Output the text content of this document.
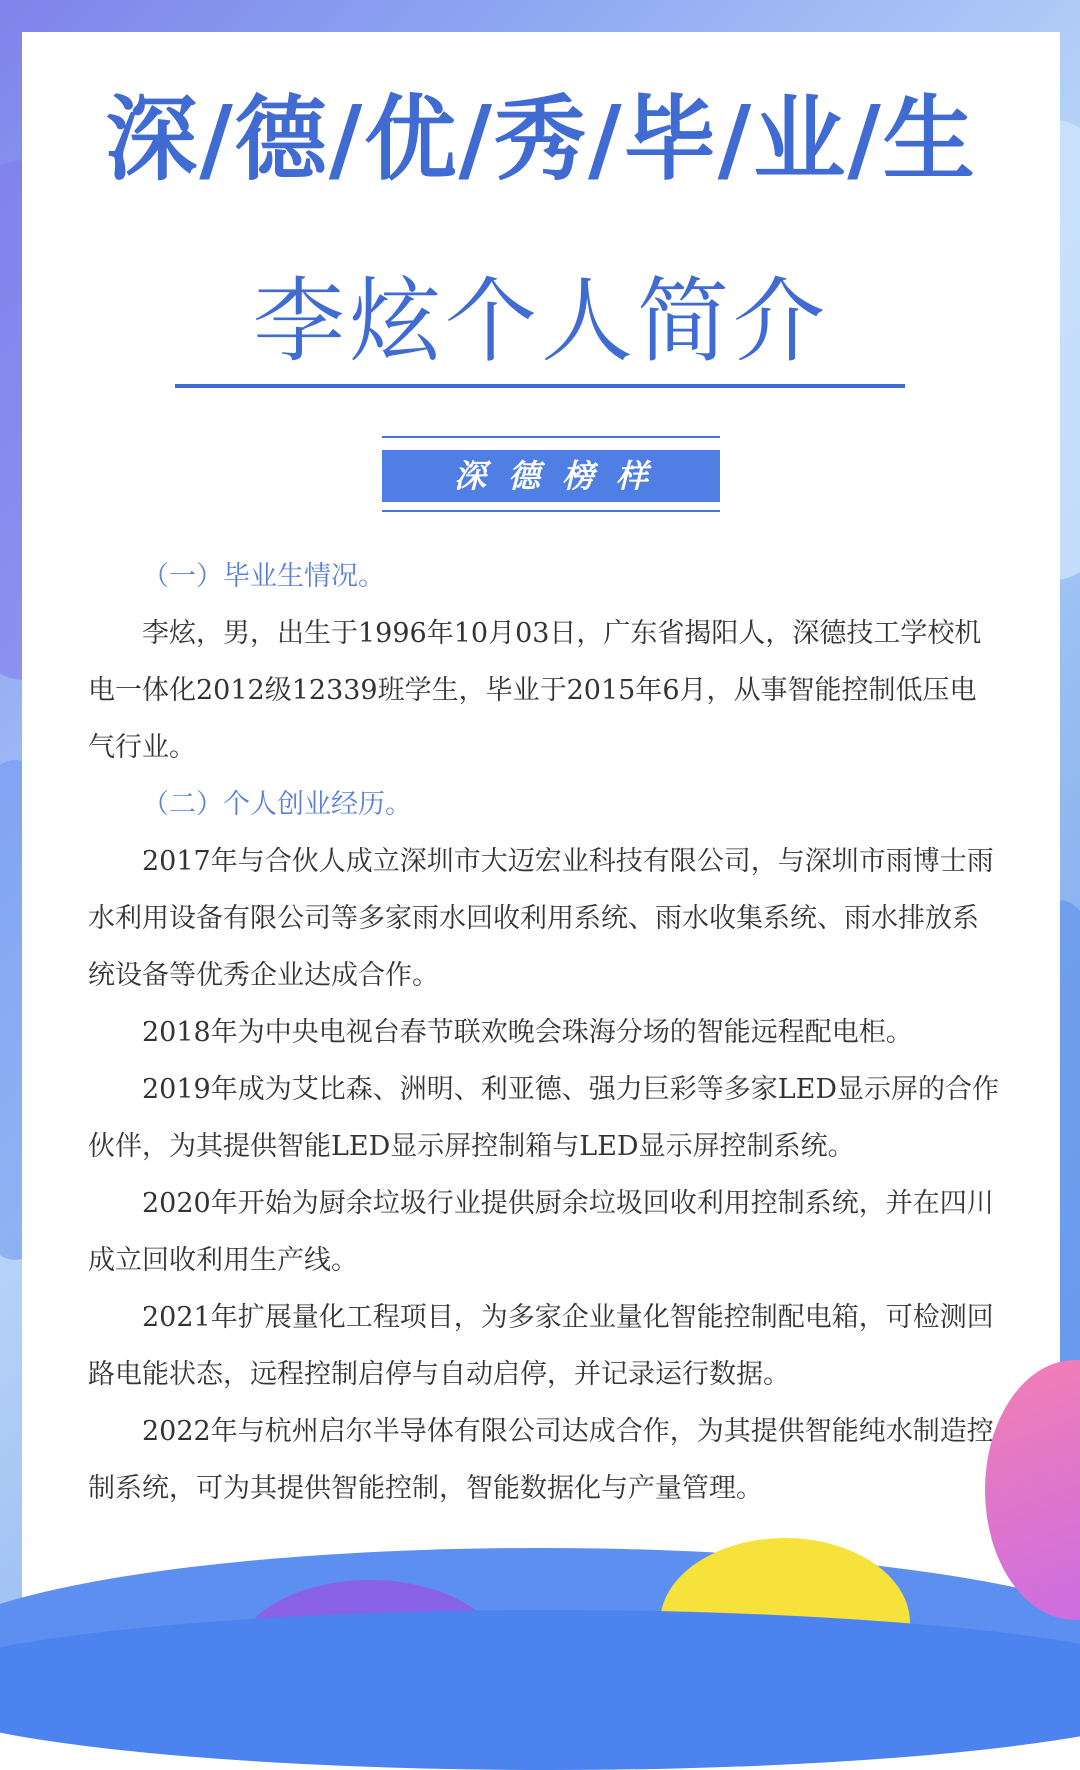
深/德/优/秀/毕/业/生
李炫个人简介
深德榜样

（一）毕业生情况。

李炫，男，出生于1996年10月03日，广东省揭阳人，深德技工学校机电一体化2012级12339班学生，毕业于2015年6月，从事智能控制低压电气行业。

（二）个人创业经历。

2017年与合伙人成立深圳市大迈宏业科技有限公司，与深圳市雨博士雨水利用设备有限公司等多家雨水回收利用系统、雨水收集系统、雨水排放系统设备等优秀企业达成合作。

2018年为中央电视台春节联欢晚会珠海分场的智能远程配电柜。

2019年成为艾比森、洲明、利亚德、强力巨彩等多家LED显示屏的合作伙伴，为其提供智能LED显示屏控制箱与LED显示屏控制系统。

2020年开始为厨余垃圾行业提供厨余垃圾回收利用控制系统，并在四川成立回收利用生产线。

2021年扩展量化工程项目，为多家企业量化智能控制配电箱，可检测回路电能状态，远程控制启停与自动启停，并记录运行数据。

2022年与杭州启尔半导体有限公司达成合作，为其提供智能纯水制造控制系统，可为其提供智能控制，智能数据化与产量管理。
